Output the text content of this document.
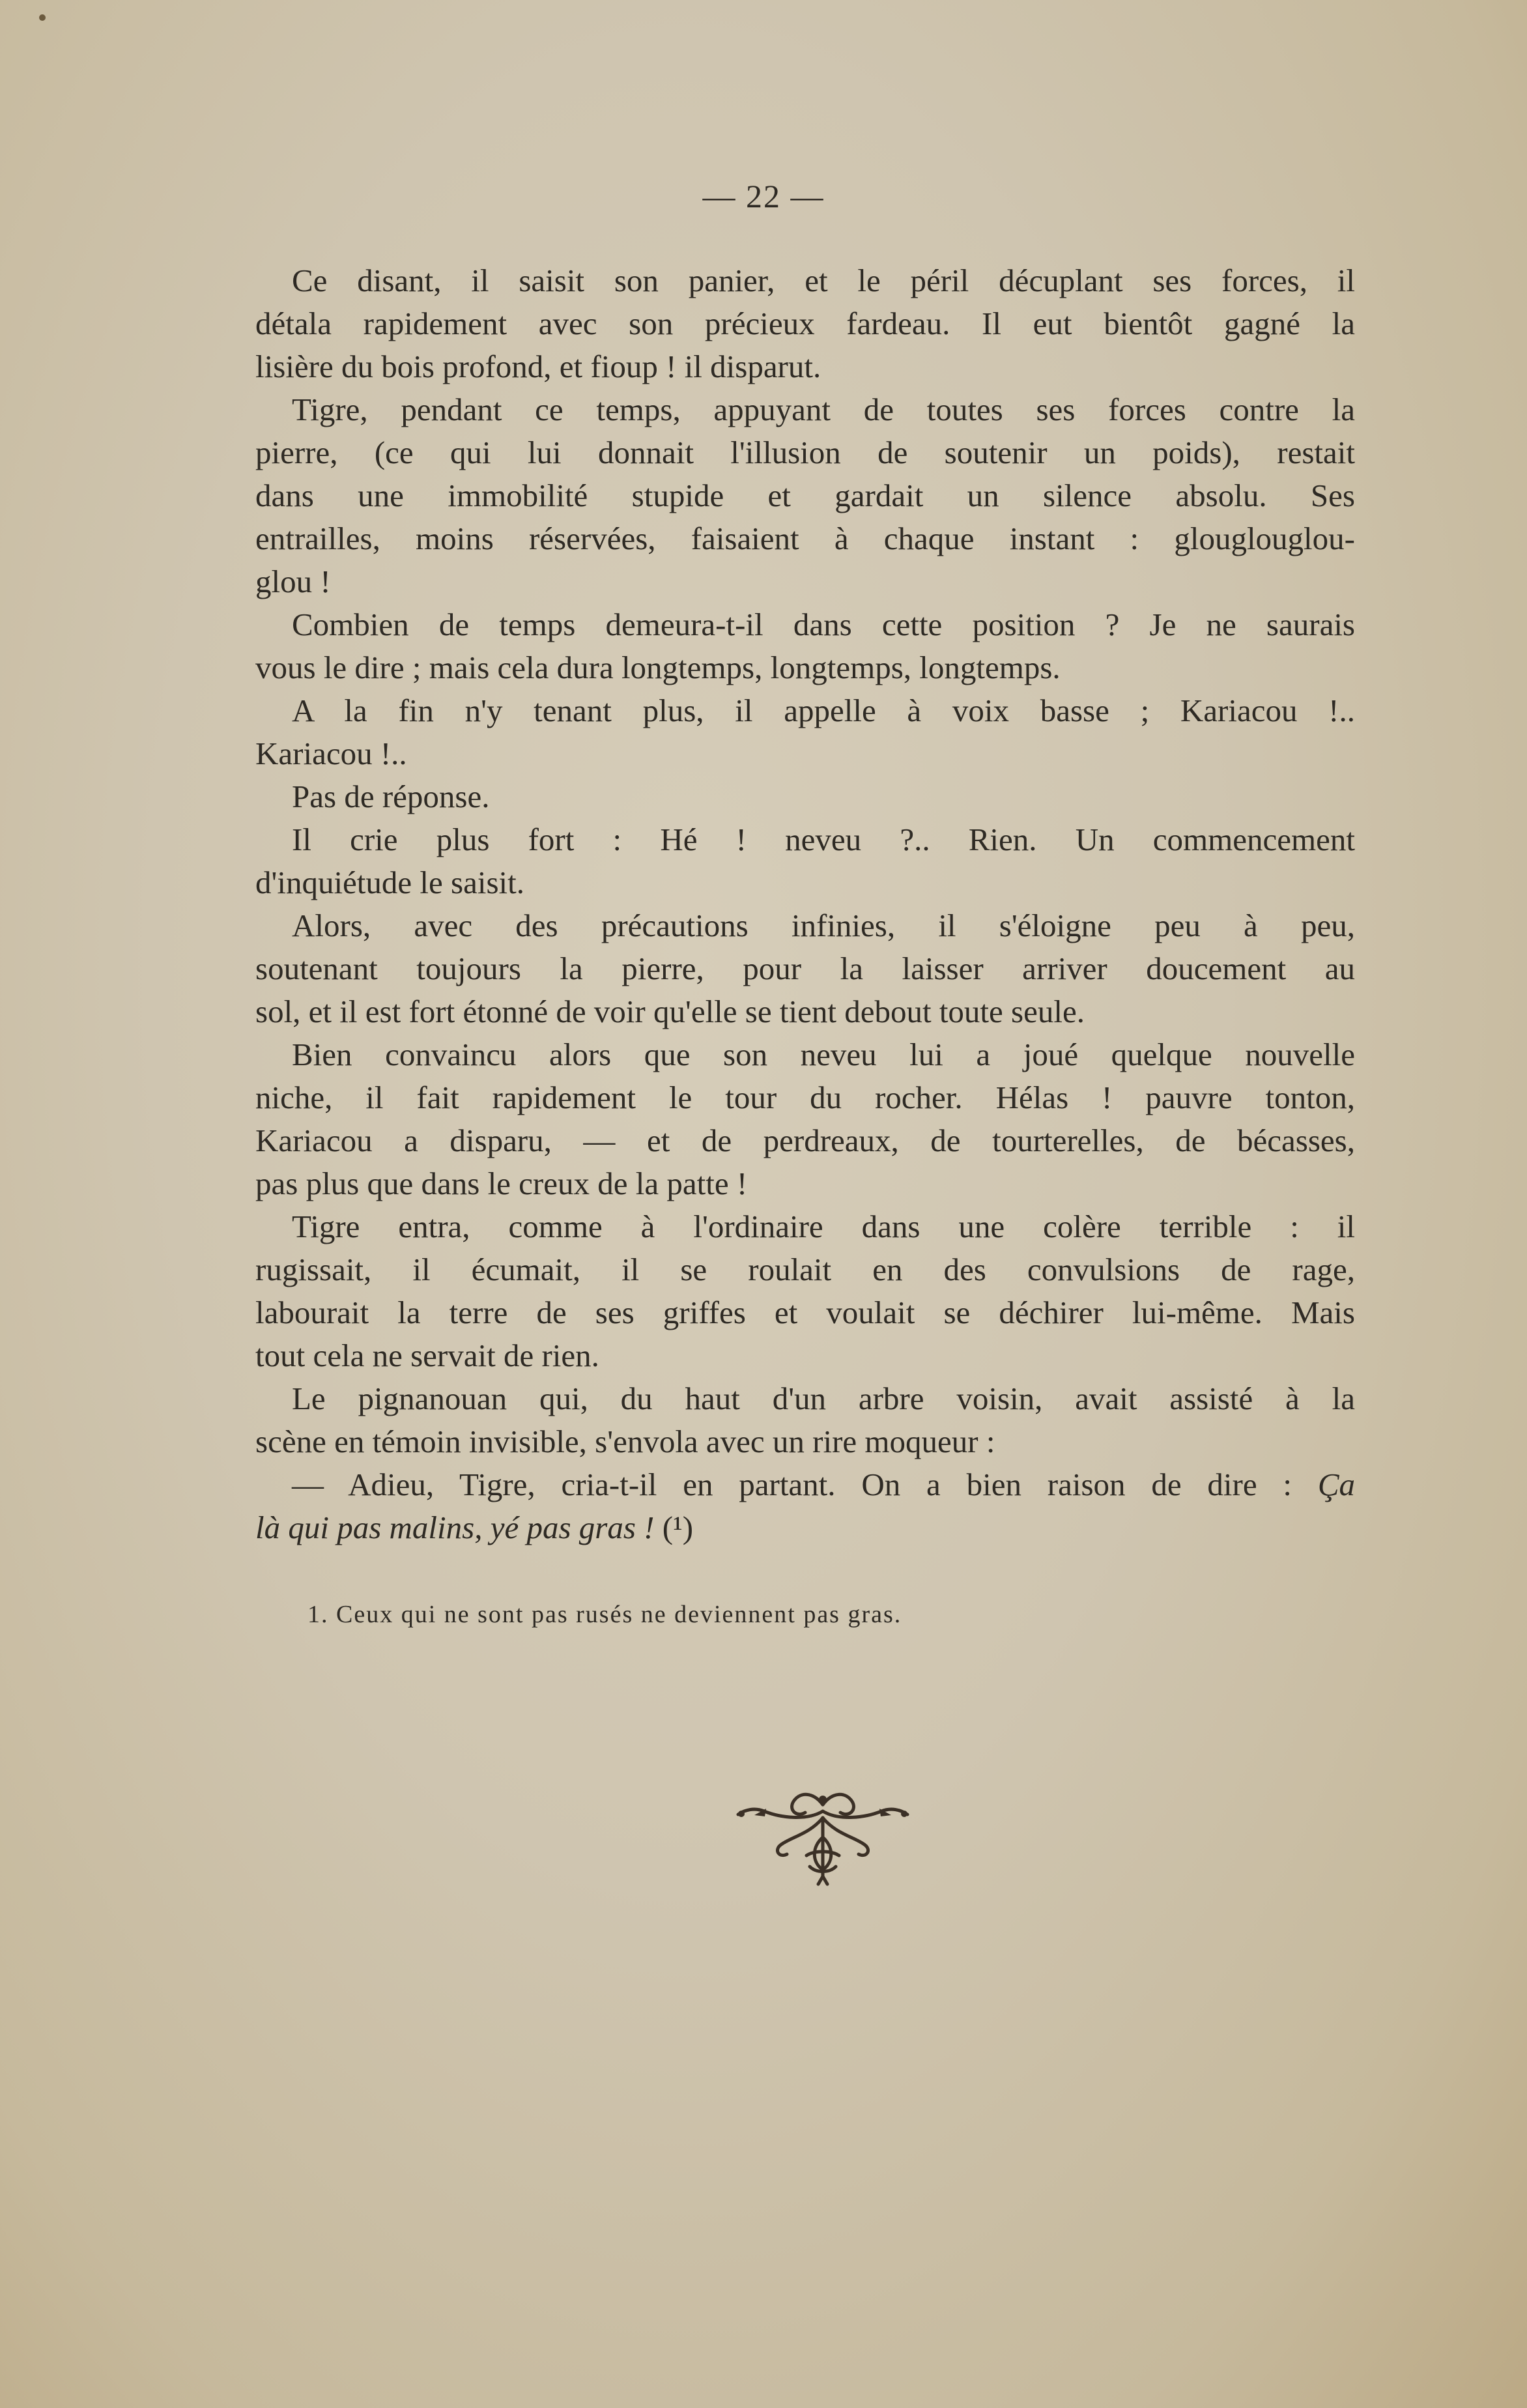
— 22 —
Ce disant, il saisit son panier, et le péril décuplant ses forces, il
détala rapidement avec son précieux fardeau. Il eut bientôt gagné la
lisière du bois profond, et fioup ! il disparut.
Tigre, pendant ce temps, appuyant de toutes ses forces contre la
pierre, (ce qui lui donnait l'illusion de soutenir un poids), restait
dans une immobilité stupide et gardait un silence absolu. Ses
entrailles, moins réservées, faisaient à chaque instant : glouglouglou-
glou !
Combien de temps demeura-t-il dans cette position ? Je ne saurais
vous le dire ; mais cela dura longtemps, longtemps, longtemps.
A la fin n'y tenant plus, il appelle à voix basse ; Kariacou !..
Kariacou !..
Pas de réponse.
Il crie plus fort : Hé ! neveu ?.. Rien. Un commencement
d'inquiétude le saisit.
Alors, avec des précautions infinies, il s'éloigne peu à peu,
soutenant toujours la pierre, pour la laisser arriver doucement au
sol, et il est fort étonné de voir qu'elle se tient debout toute seule.
Bien convaincu alors que son neveu lui a joué quelque nouvelle
niche, il fait rapidement le tour du rocher. Hélas ! pauvre tonton,
Kariacou a disparu, — et de perdreaux, de tourterelles, de bécasses,
pas plus que dans le creux de la patte !
Tigre entra, comme à l'ordinaire dans une colère terrible : il
rugissait, il écumait, il se roulait en des convulsions de rage,
labourait la terre de ses griffes et voulait se déchirer lui-même. Mais
tout cela ne servait de rien.
Le pignanouan qui, du haut d'un arbre voisin, avait assisté à la
scène en témoin invisible, s'envola avec un rire moqueur :
— Adieu, Tigre, cria-t-il en partant. On a bien raison de dire : Ça
là qui pas malins, yé pas gras ! (¹)
1. Ceux qui ne sont pas rusés ne deviennent pas gras.
